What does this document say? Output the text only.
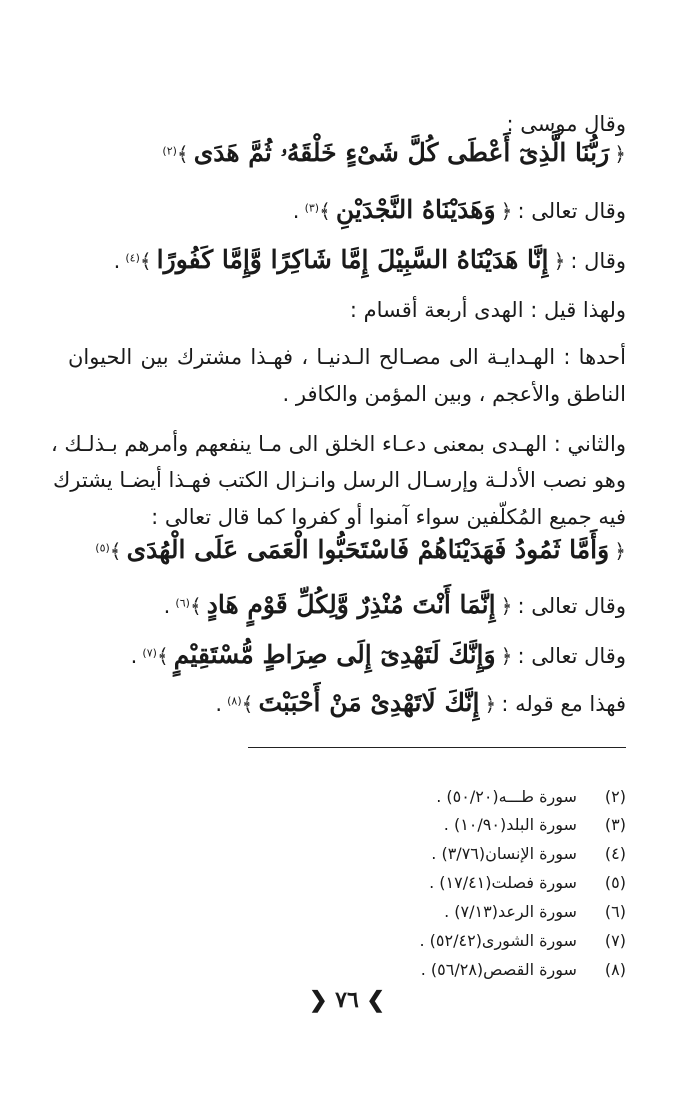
وقال موسى :
﴿ رَبُّنَا الَّذِىٓ أَعْطَى كُلَّ شَىْءٍ خَلْقَهُۥ ثُمَّ هَدَى ﴾$^{(٢)}$
وقال تعالى : ﴿ وَهَدَيْنَاهُ النَّجْدَيْنِ ﴾$^{(٣)}$ .
وقال : ﴿ إِنَّا هَدَيْنَاهُ السَّبِيْلَ إِمَّا شَاكِرًا وَّإِمَّا كَفُورًا ﴾$^{(٤)}$ .
ولهذا قيل : الهدى أربعة أقسام :
أحدها : الهـدايـة الى مصـالح الـدنيـا ، فهـذا مشترك بين الحيوان
الناطق والأعجم ، وبين المؤمن والكافر .
والثاني : الهـدى بمعنى دعـاء الخلق الى مـا ينفعهم وأمرهم بـذلـك ،
وهو نصب الأدلـة وإرسـال الرسل وانـزال الكتب فهـذا أيضـا يشترك
فيه جميع المُكلّفين سواء آمنوا أو كفروا كما قال تعالى :
﴿ وَأَمَّا ثَمُودُ فَهَدَيْنَاهُمْ فَاسْتَحَبُّوا الْعَمَى عَلَى الْهُدَى ﴾$^{(٥)}$
وقال تعالى : ﴿ إِنَّمَا أَنْتَ مُنْذِرٌ وَّلِكُلِّ قَوْمٍ هَادٍ ﴾$^{(٦)}$ .
وقال تعالى : ﴿ وَإِنَّكَ لَتَهْدِىٓ إِلَى صِرَاطٍ مُّسْتَقِيْمٍ ﴾$^{(٧)}$ .
فهذا مع قوله : ﴿ إِنَّكَ لَاتَهْدِىْ مَنْ أَحْبَبْتَ ﴾$^{(٨)}$ .
(٢) سورة طـــه(٥٠/٢٠) .
(٣) سورة البلد(١٠/٩٠) .
(٤) سورة الإنسان(٣/٧٦) .
(٥) سورة فصلت(١٧/٤١) .
(٦) سورة الرعد(٧/١٣) .
(٧) سورة الشورى(٥٢/٤٢) .
(٨) سورة القصص(٥٦/٢٨) .
❯ ٧٦ ❮
